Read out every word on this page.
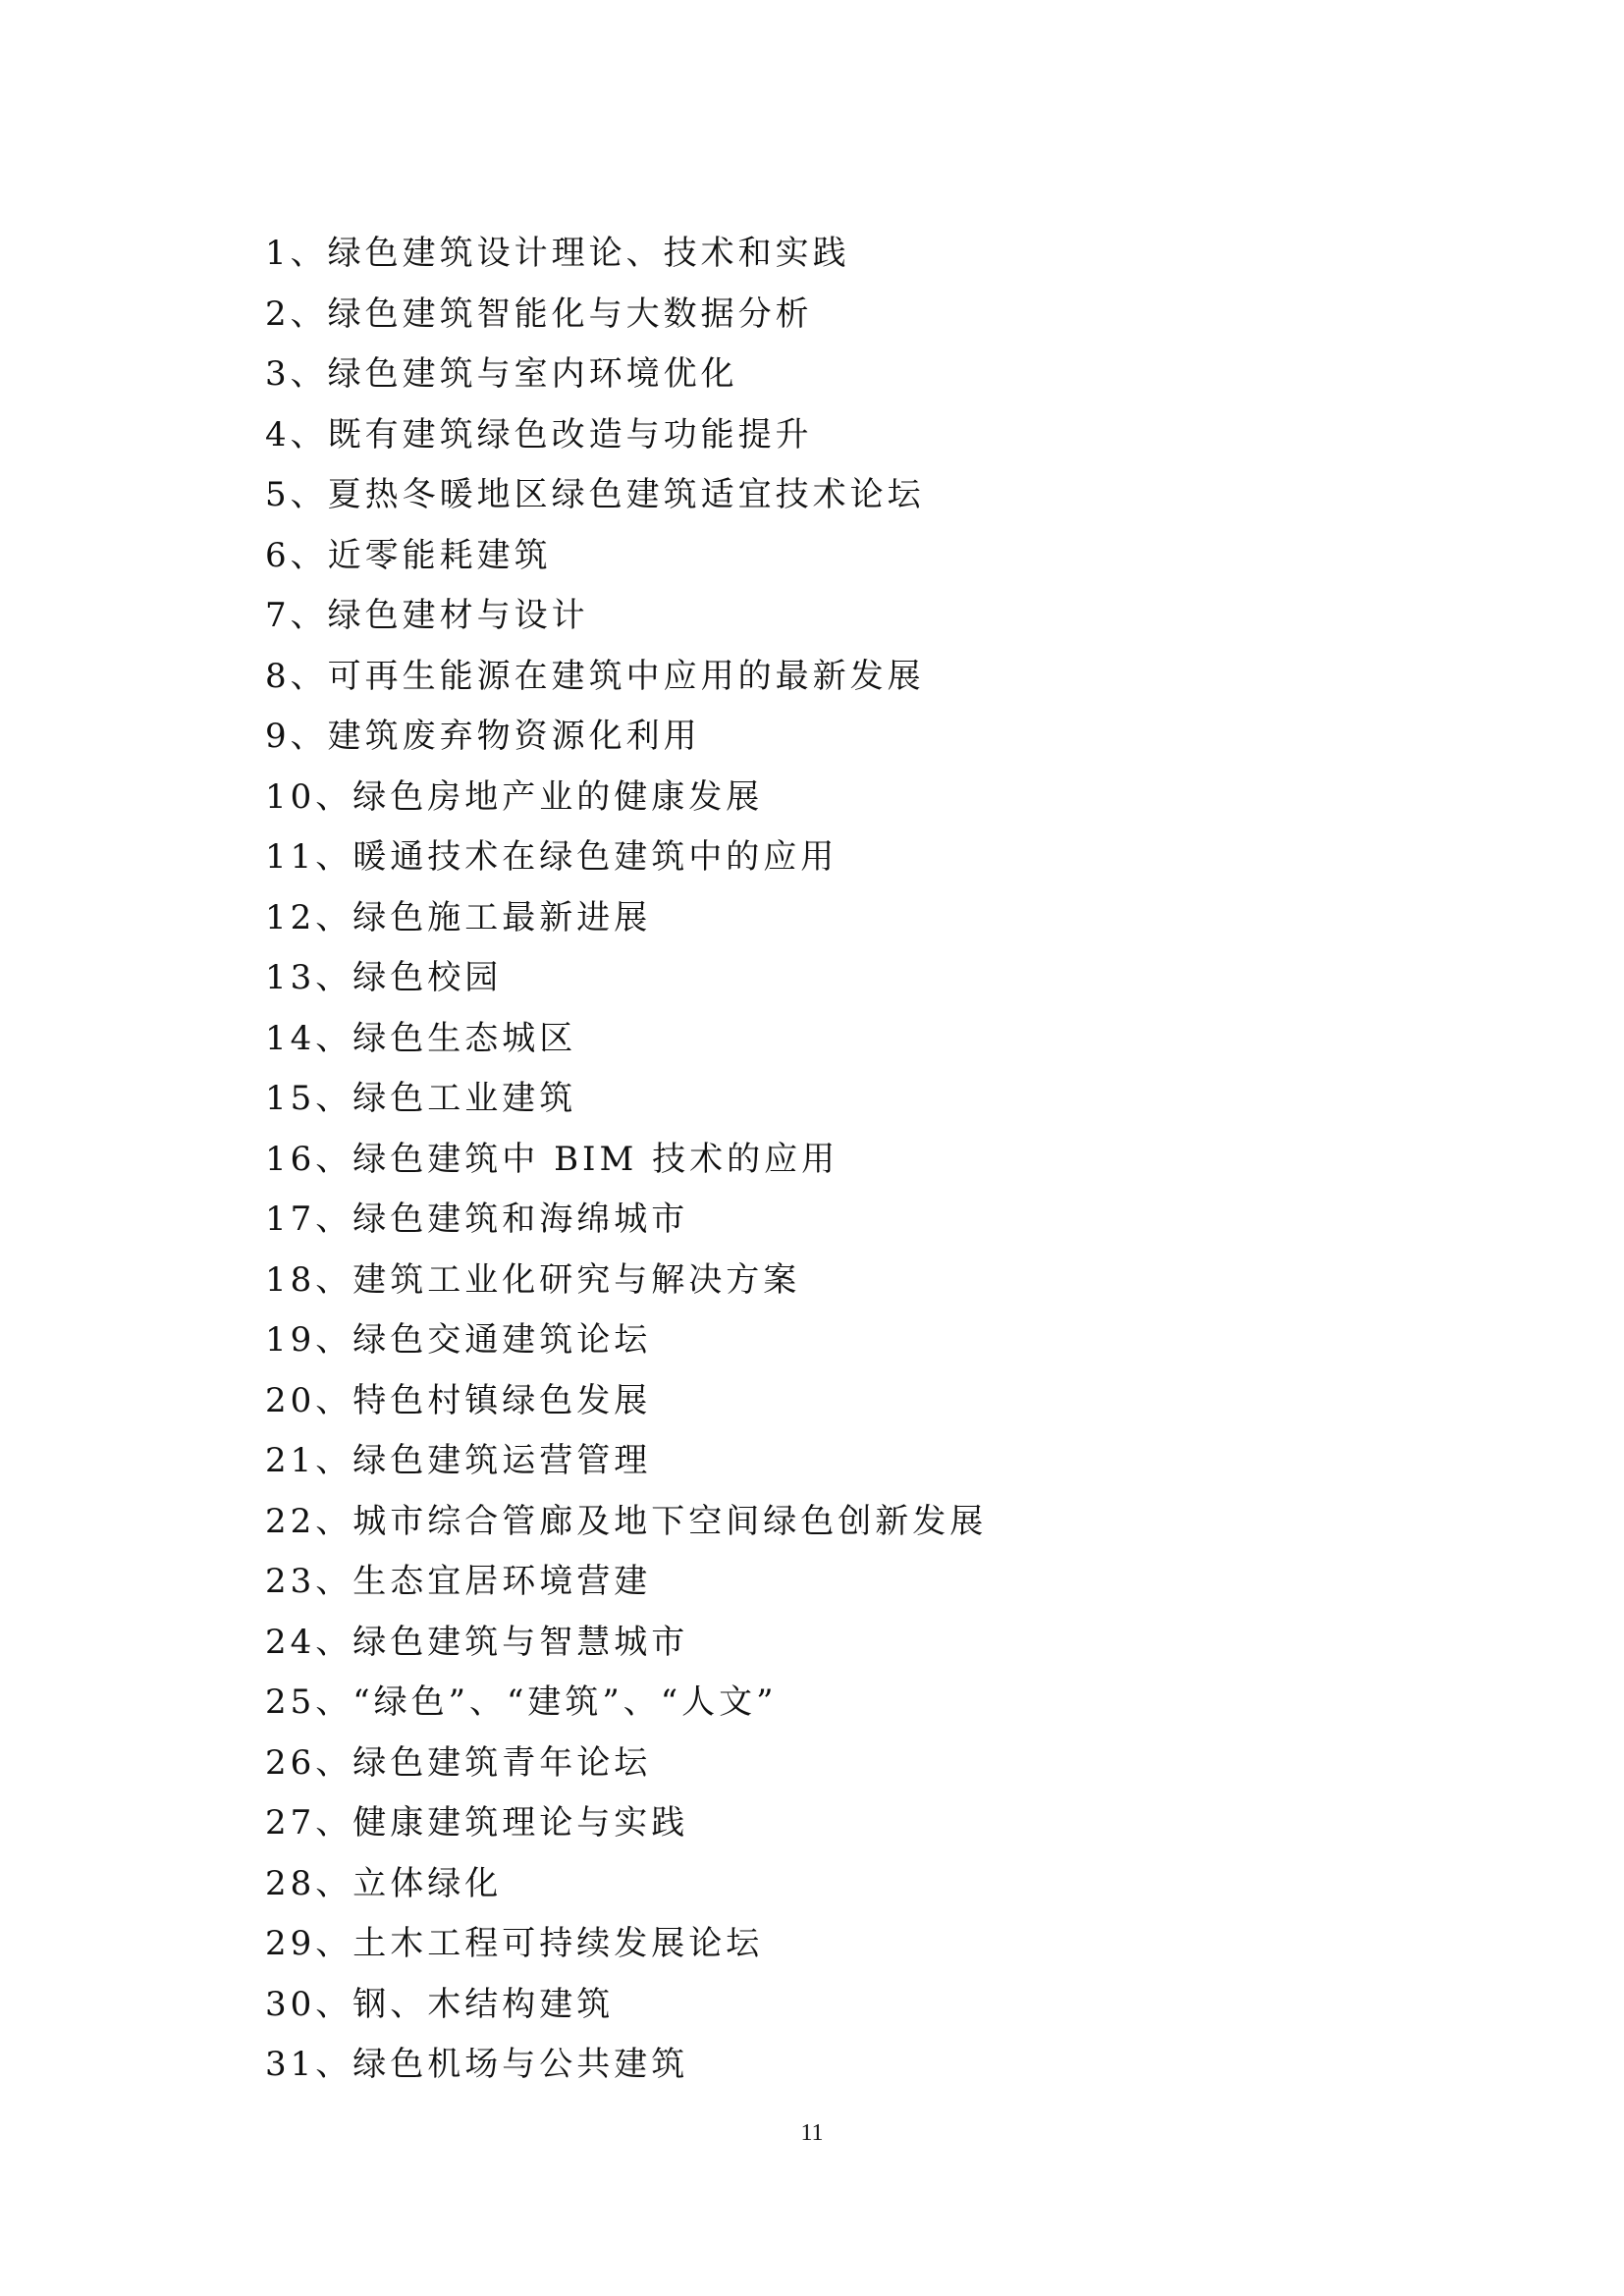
1、绿色建筑设计理论、技术和实践
2、绿色建筑智能化与大数据分析
3、绿色建筑与室内环境优化
4、既有建筑绿色改造与功能提升
5、夏热冬暖地区绿色建筑适宜技术论坛
6、近零能耗建筑
7、绿色建材与设计
8、可再生能源在建筑中应用的最新发展
9、建筑废弃物资源化利用
10、绿色房地产业的健康发展
11、暖通技术在绿色建筑中的应用
12、绿色施工最新进展
13、绿色校园
14、绿色生态城区
15、绿色工业建筑
16、绿色建筑中 BIM 技术的应用
17、绿色建筑和海绵城市
18、建筑工业化研究与解决方案
19、绿色交通建筑论坛
20、特色村镇绿色发展
21、绿色建筑运营管理
22、城市综合管廊及地下空间绿色创新发展
23、生态宜居环境营建
24、绿色建筑与智慧城市
25、“绿色”、“建筑”、“人文”
26、绿色建筑青年论坛
27、健康建筑理论与实践
28、立体绿化
29、土木工程可持续发展论坛
30、钢、木结构建筑
31、绿色机场与公共建筑
11
